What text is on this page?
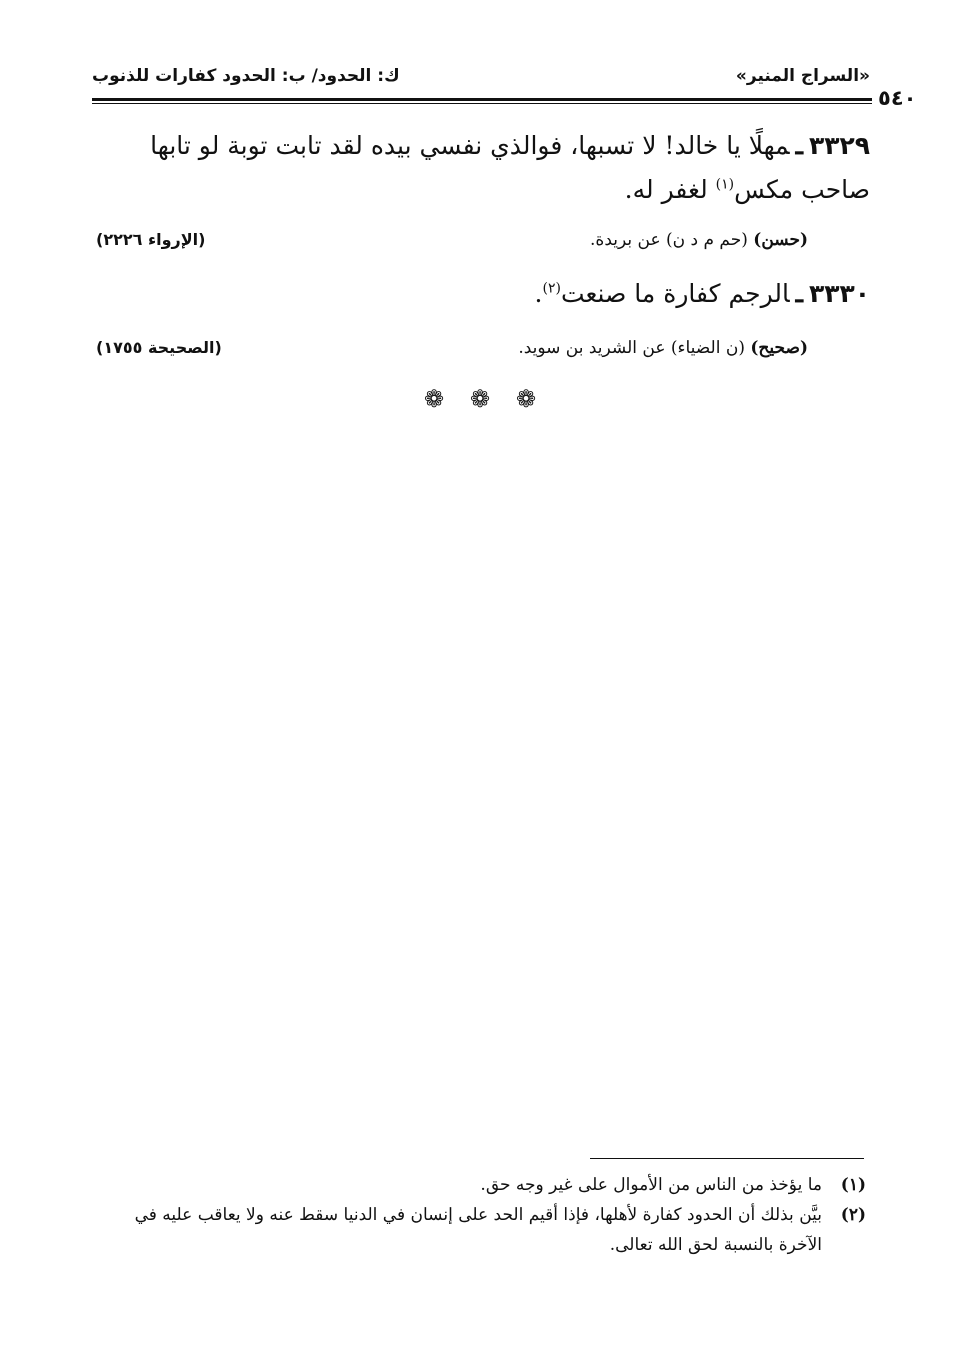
«السراج المنير»
ك: الحدود/ ب: الحدود كفارات للذنوب
٥٤٠

٣٣٢٩ـمهلًا يا خالد! لا تسبها، فوالذي نفسي بيده لقد تابت توبة لو تابها صاحب مكس$^{(١)}$ لغفر له.

(حسن) (حم م د ن) عن بريدة.
(الإرواء ٢٢٢٦)

٣٣٣٠ـالرجم كفارة ما صنعت$^{(٢)}$.

(صحيح) (ن الضياء) عن الشريد بن سويد.
(الصحيحة ١٧٥٥)
❁ ❁ ❁

(١)
ما يؤخذ من الناس من الأموال على غير وجه حق.

(٢)
بيَّن بذلك أن الحدود كفارة لأهلها، فإذا أقيم الحد على إنسان في الدنيا سقط عنه ولا يعاقب عليه في الآخرة بالنسبة لحق الله تعالى.
